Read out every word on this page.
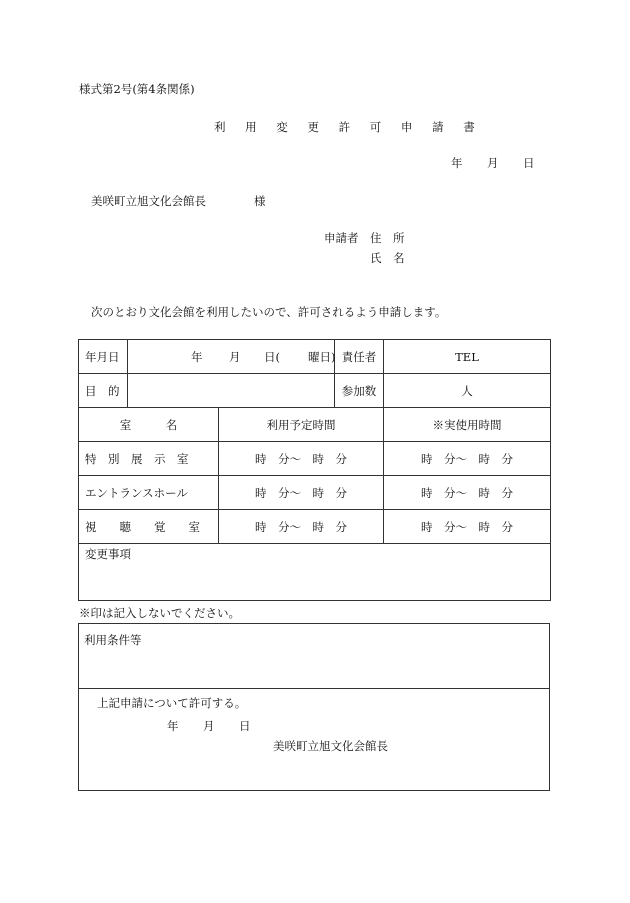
様式第2号(第4条関係)
利 用 変 更 許 可 申 請 書
年 月 日
美咲町立旭文化会館長	様
申請者 住　所
氏　名
次のとおり文化会館を利用したいので、許可されるよう申請します。
年月日	年 月 日( 曜日)		責任者	TEL
目　的			参加数	人
室　　　名		利用予定時間		※実使用時間
特　別　展　示　室		時　分〜　時　分		時　分〜　時　分
エントランスホール		時　分〜　時　分		時　分〜　時　分
視　　聴　　覚　　室		時　分〜　時　分		時　分〜　時　分
変更事項				
※印は記入しないでください。
利用条件等
上記申請について許可する。
年 月 日
美咲町立旭文化会館長
